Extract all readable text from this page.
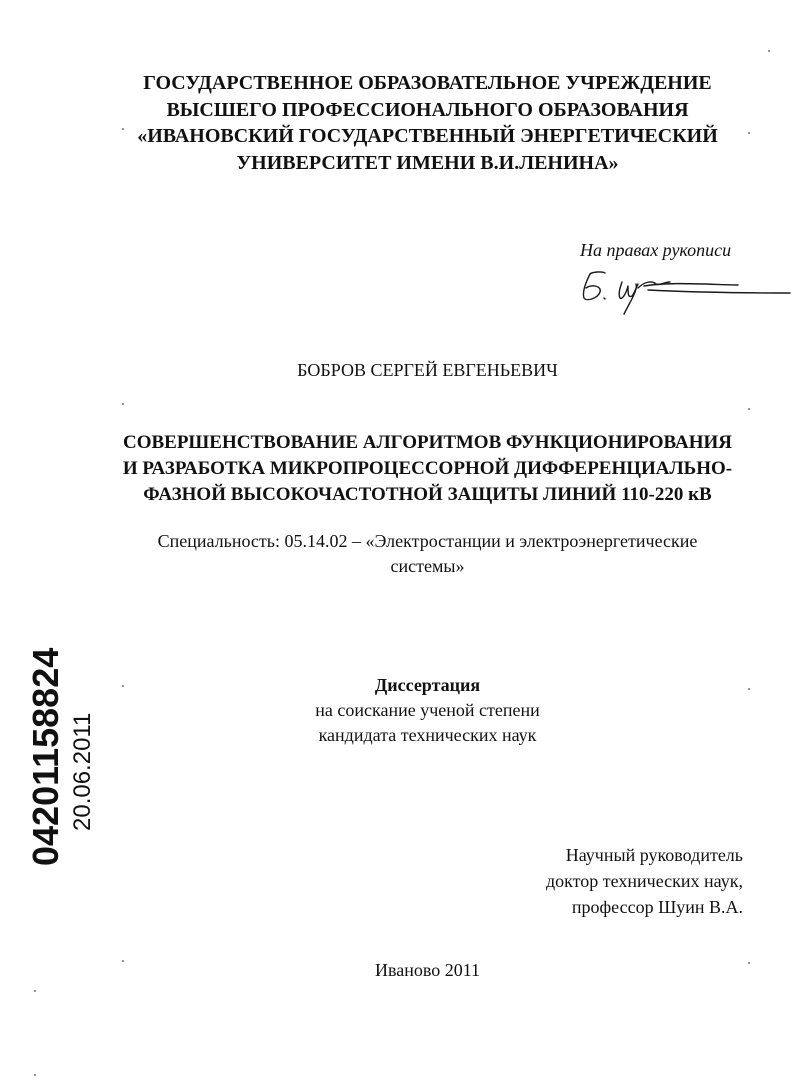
ГОСУДАРСТВЕННОЕ ОБРАЗОВАТЕЛЬНОЕ УЧРЕЖДЕНИЕ
ВЫСШЕГО ПРОФЕССИОНАЛЬНОГО ОБРАЗОВАНИЯ
«ИВАНОВСКИЙ ГОСУДАРСТВЕННЫЙ ЭНЕРГЕТИЧЕСКИЙ
УНИВЕРСИТЕТ ИМЕНИ В.И.ЛЕНИНА»
На правах рукописи
БОБРОВ СЕРГЕЙ ЕВГЕНЬЕВИЧ
СОВЕРШЕНСТВОВАНИЕ АЛГОРИТМОВ ФУНКЦИОНИРОВАНИЯ
И РАЗРАБОТКА МИКРОПРОЦЕССОРНОЙ ДИФФЕРЕНЦИАЛЬНО-
ФАЗНОЙ ВЫСОКОЧАСТОТНОЙ ЗАЩИТЫ ЛИНИЙ 110-220 кВ
Специальность: 05.14.02 – «Электростанции и электроэнергетические
системы»
Диссертация
на соискание ученой степени
кандидата технических наук
Научный руководитель
доктор технических наук,
профессор Шуин В.А.
Иваново 2011
04201158824 20.06.2011
